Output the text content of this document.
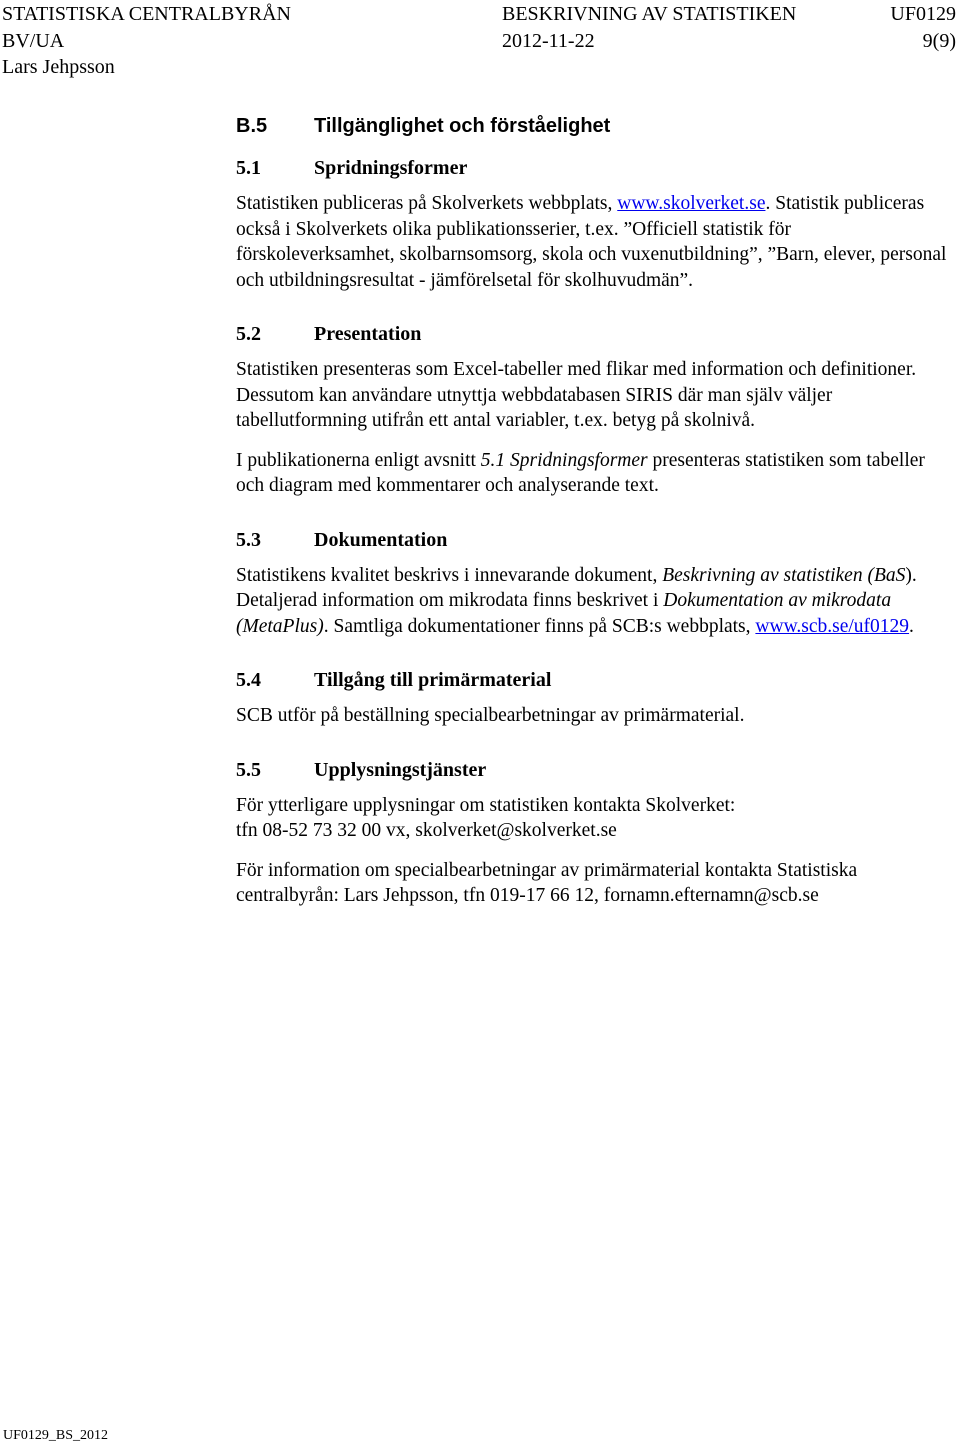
STATISTISKA CENTRALBYRÅN	BESKRIVNING AV STATISTIKEN	UF0129
BV/UA	2012-11-22	9(9)
Lars Jehpsson
B.5	Tillgänglighet och förståelighet
5.1	Spridningsformer

Statistiken publiceras på Skolverkets webbplats, www.skolverket.se. Statistik publiceras också i Skolverkets olika publikationsserier, t.ex. ”Officiell statistik för förskoleverksamhet, skolbarnsomsorg, skola och vuxenutbildning”, ”Barn, elever, personal och utbildningsresultat - jämförelsetal för skolhuvudmän”.

5.2	Presentation

Statistiken presenteras som Excel-tabeller med flikar med information och definitioner. Dessutom kan användare utnyttja webbdatabasen SIRIS där man själv väljer tabellutformning utifrån ett antal variabler, t.ex. betyg på skolnivå.

I publikationerna enligt avsnitt 5.1 Spridningsformer presenteras statistiken som tabeller och diagram med kommentarer och analyserande text.

5.3	Dokumentation

Statistikens kvalitet beskrivs i innevarande dokument, Beskrivning av statistiken (BaS). Detaljerad information om mikrodata finns beskrivet i Dokumentation av mikrodata (MetaPlus). Samtliga dokumentationer finns på SCB:s webbplats, www.scb.se/uf0129.

5.4	Tillgång till primärmaterial

SCB utför på beställning specialbearbetningar av primärmaterial.

5.5	Upplysningstjänster

För ytterligare upplysningar om statistiken kontakta Skolverket:

tfn 08-52 73 32 00 vx, skolverket@skolverket.se

För information om specialbearbetningar av primärmaterial kontakta Statistiska centralbyrån: Lars Jehpsson, tfn 019-17 66 12, fornamn.efternamn@scb.se

UF0129_BS_2012
